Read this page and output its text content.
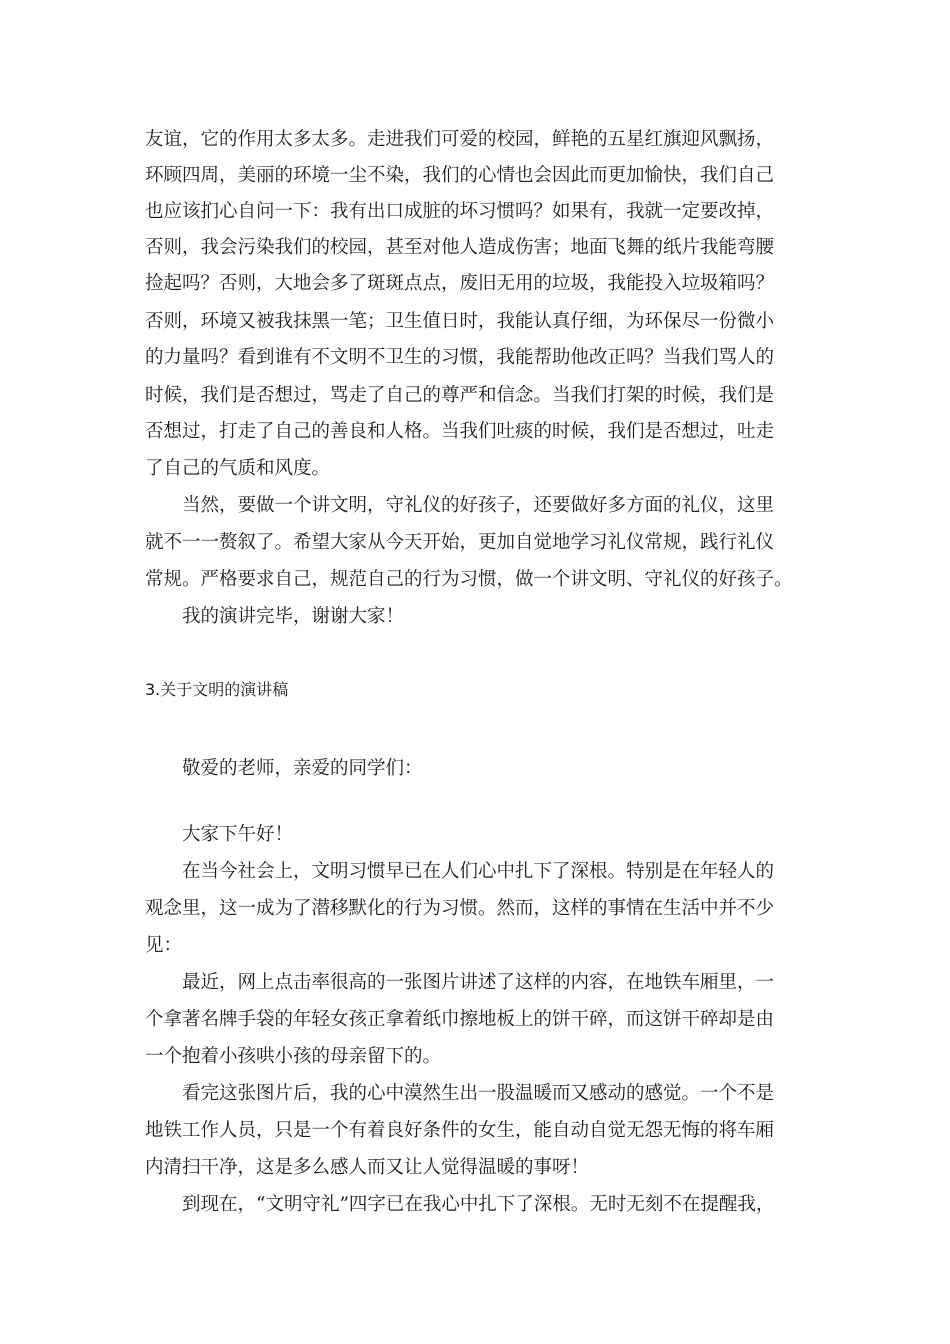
友谊，它的作用太多太多。走进我们可爱的校园，鲜艳的五星红旗迎风飘扬，
环顾四周，美丽的环境一尘不染，我们的心情也会因此而更加愉快，我们自己
也应该扪心自问一下：我有出口成脏的坏习惯吗？如果有，我就一定要改掉，
否则，我会污染我们的校园，甚至对他人造成伤害；地面飞舞的纸片我能弯腰
捡起吗？否则，大地会多了斑斑点点，废旧无用的垃圾，我能投入垃圾箱吗？
否则，环境又被我抹黑一笔；卫生值日时，我能认真仔细，为环保尽一份微小
的力量吗？看到谁有不文明不卫生的习惯，我能帮助他改正吗？当我们骂人的
时候，我们是否想过，骂走了自己的尊严和信念。当我们打架的时候，我们是
否想过，打走了自己的善良和人格。当我们吐痰的时候，我们是否想过，吐走
了自己的气质和风度。
当然，要做一个讲文明，守礼仪的好孩子，还要做好多方面的礼仪，这里
就不一一赘叙了。希望大家从今天开始，更加自觉地学习礼仪常规，践行礼仪
常规。严格要求自己，规范自己的行为习惯，做一个讲文明、守礼仪的好孩子。
我的演讲完毕，谢谢大家！
3.关于文明的演讲稿
敬爱的老师，亲爱的同学们：
大家下午好！
在当今社会上，文明习惯早已在人们心中扎下了深根。特别是在年轻人的
观念里，这一成为了潜移默化的行为习惯。然而，这样的事情在生活中并不少
见：
最近，网上点击率很高的一张图片讲述了这样的内容，在地铁车厢里，一
个拿著名牌手袋的年轻女孩正拿着纸巾擦地板上的饼干碎，而这饼干碎却是由
一个抱着小孩哄小孩的母亲留下的。
看完这张图片后，我的心中漠然生出一股温暖而又感动的感觉。一个不是
地铁工作人员，只是一个有着良好条件的女生，能自动自觉无怨无悔的将车厢
内清扫干净，这是多么感人而又让人觉得温暖的事呀！
到现在，“文明守礼”四字已在我心中扎下了深根。无时无刻不在提醒我，
